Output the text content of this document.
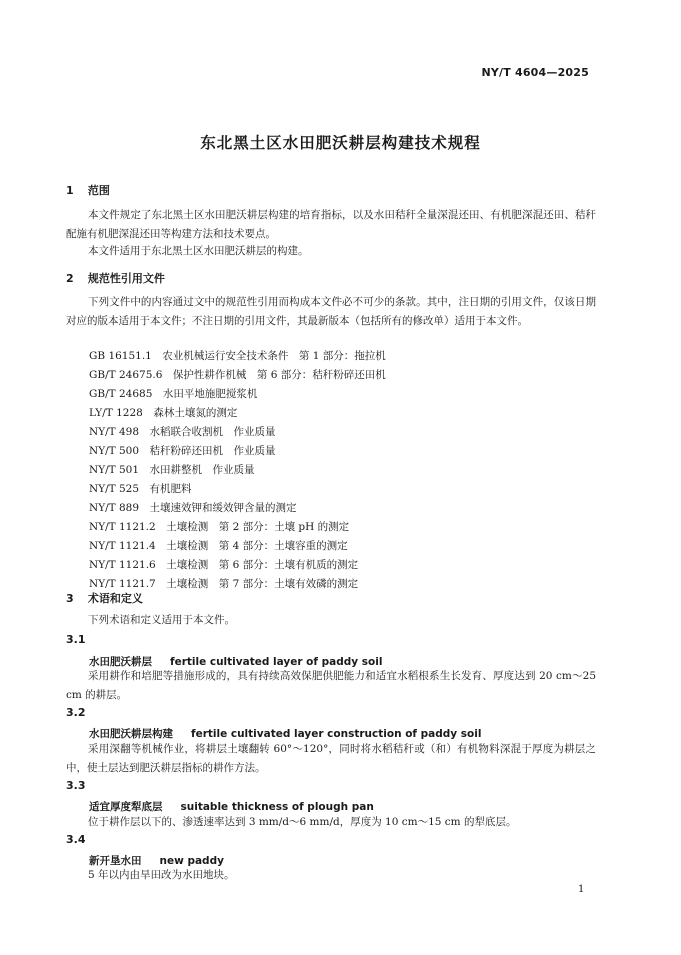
NY/T 4604—2025
东北黑土区水田肥沃耕层构建技术规程
1 范围
本文件规定了东北黑土区水田肥沃耕层构建的培育指标，以及水田秸秆全量深混还田、有机肥深混还田、秸秆配施有机肥深混还田等构建方法和技术要点。
本文件适用于东北黑土区水田肥沃耕层的构建。
2 规范性引用文件
下列文件中的内容通过文中的规范性引用而构成本文件必不可少的条款。其中，注日期的引用文件，仅该日期对应的版本适用于本文件；不注日期的引用文件，其最新版本（包括所有的修改单）适用于本文件。
GB 16151.1　农业机械运行安全技术条件　第 1 部分：拖拉机
GB/T 24675.6　保护性耕作机械　第 6 部分：秸秆粉碎还田机
GB/T 24685　水田平地施肥搅浆机
LY/T 1228　森林土壤氮的测定
NY/T 498　水稻联合收割机　作业质量
NY/T 500　秸秆粉碎还田机　作业质量
NY/T 501　水田耕整机　作业质量
NY/T 525　有机肥料
NY/T 889　土壤速效钾和缓效钾含量的测定
NY/T 1121.2　土壤检测　第 2 部分：土壤 pH 的测定
NY/T 1121.4　土壤检测　第 4 部分：土壤容重的测定
NY/T 1121.6　土壤检测　第 6 部分：土壤有机质的测定
NY/T 1121.7　土壤检测　第 7 部分：土壤有效磷的测定
3 术语和定义
下列术语和定义适用于本文件。
3.1
水田肥沃耕层 fertile cultivated layer of paddy soil
采用耕作和培肥等措施形成的，具有持续高效保肥供肥能力和适宜水稻根系生长发育、厚度达到 20 cm～25 cm 的耕层。
3.2
水田肥沃耕层构建 fertile cultivated layer construction of paddy soil
采用深翻等机械作业，将耕层土壤翻转 60°～120°，同时将水稻秸秆或（和）有机物料深混于厚度为耕层之中，使土层达到肥沃耕层指标的耕作方法。
3.3
适宜厚度犁底层 suitable thickness of plough pan
位于耕作层以下的、渗透速率达到 3 mm/d～6 mm/d，厚度为 10 cm～15 cm 的犁底层。
3.4
新开垦水田 new paddy
5 年以内由旱田改为水田地块。
1
